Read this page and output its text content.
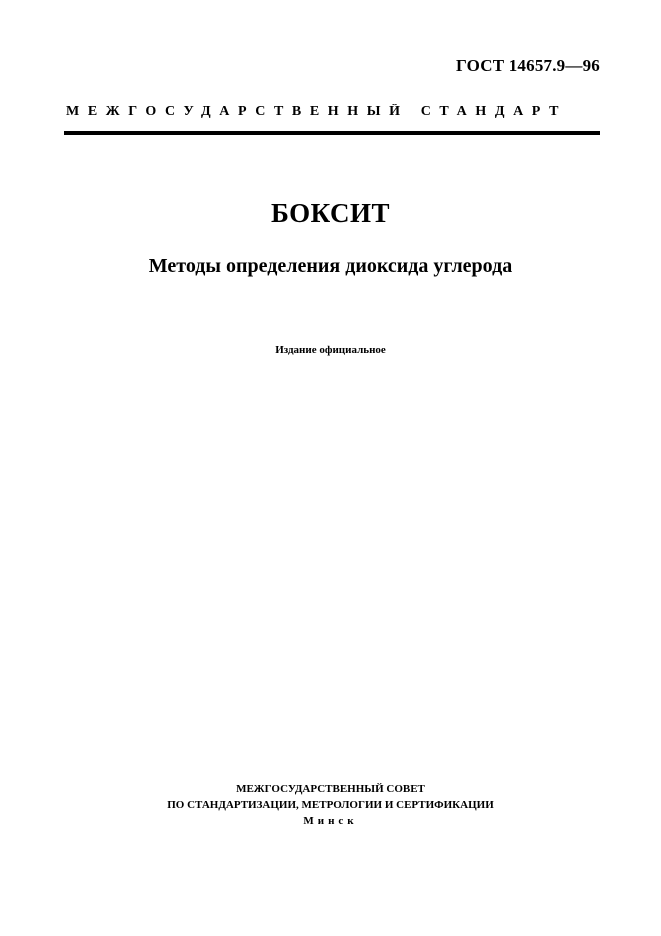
ГОСТ 14657.9—96
МЕЖГОСУДАРСТВЕННЫЙ СТАНДАРТ
БОКСИТ
Методы определения диоксида углерода
Издание официальное
МЕЖГОСУДАРСТВЕННЫЙ СОВЕТ
ПО СТАНДАРТИЗАЦИИ, МЕТРОЛОГИИ И СЕРТИФИКАЦИИ
Минск
